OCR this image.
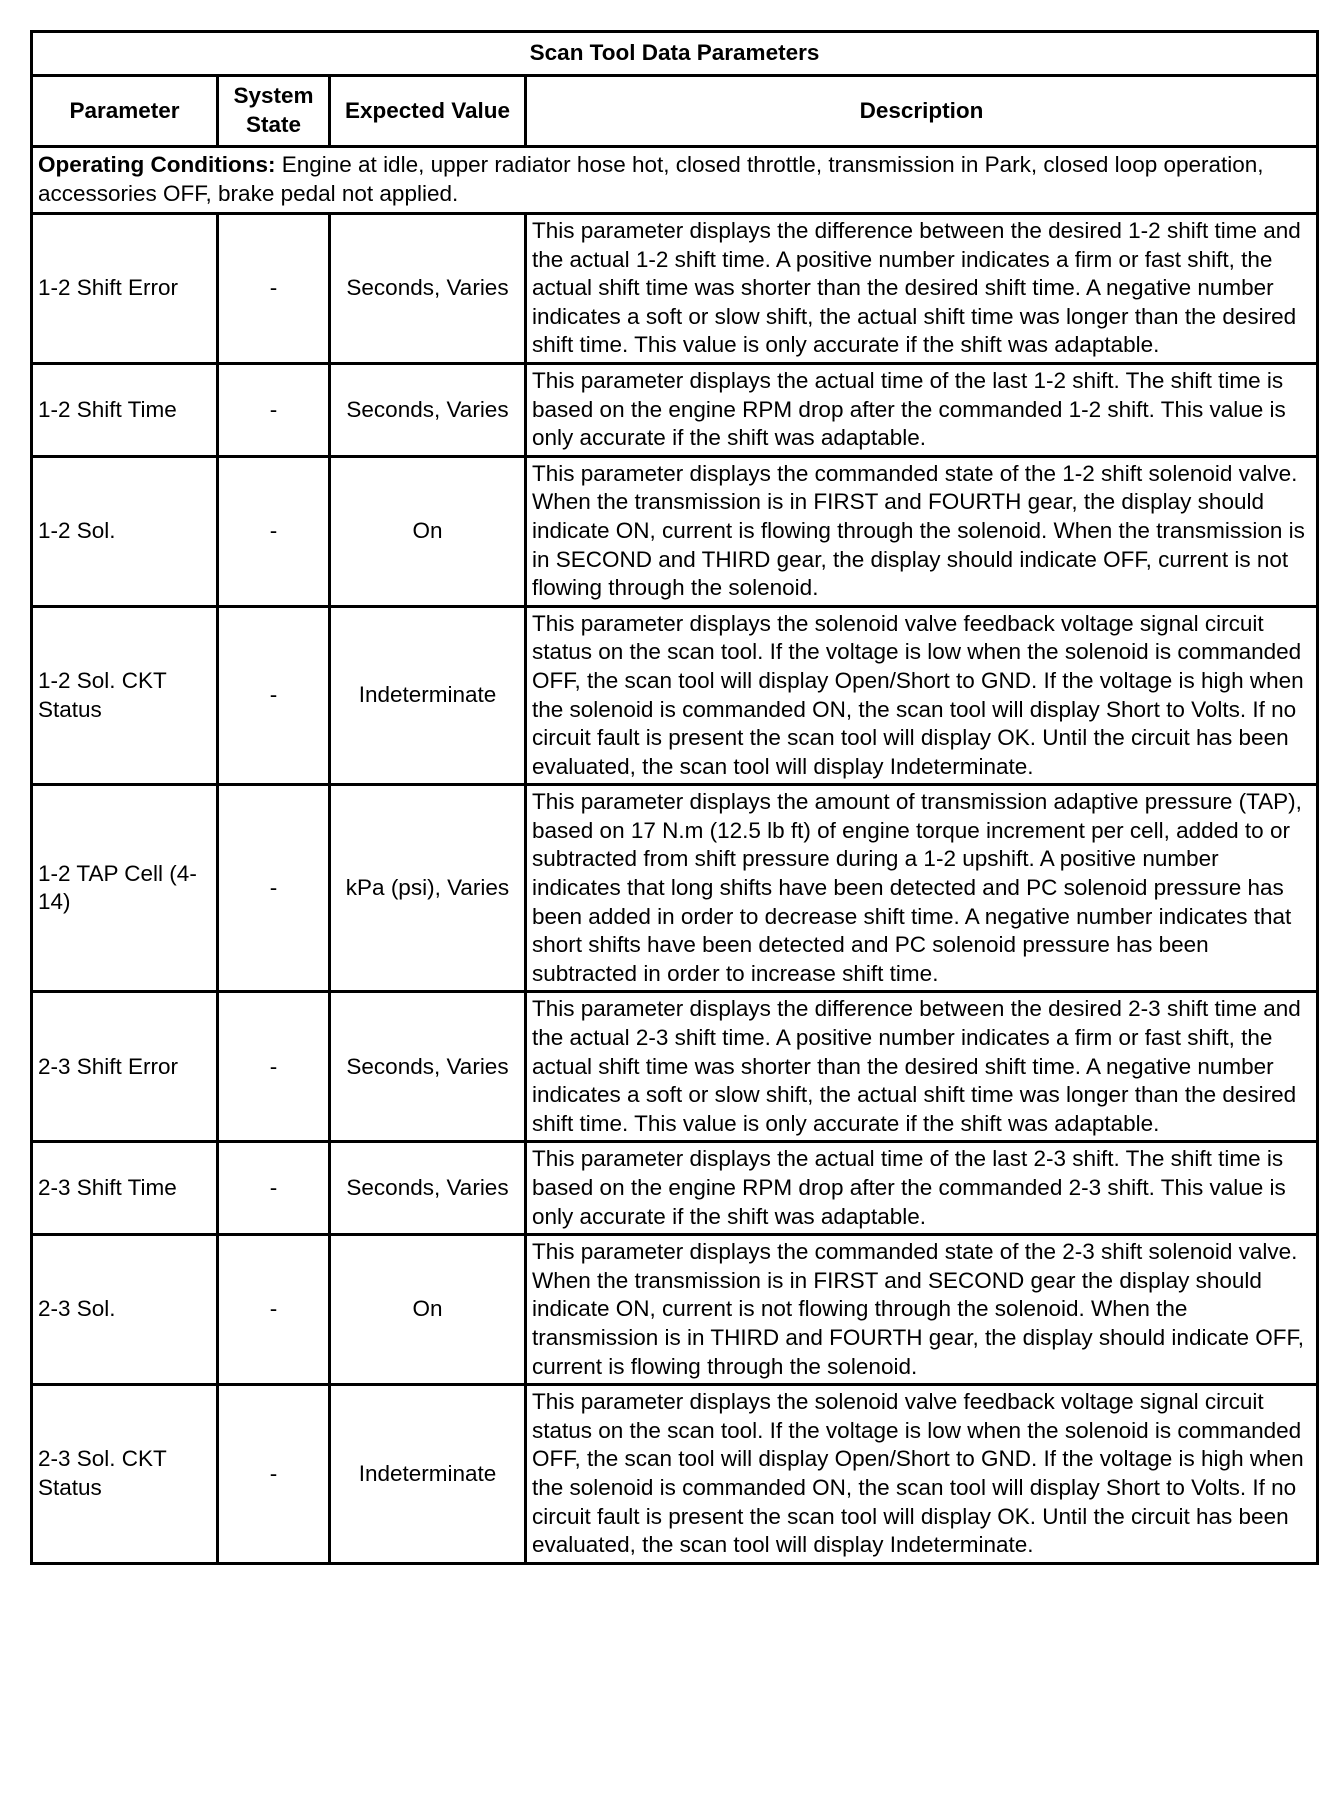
Scan Tool Data Parameters			
Parameter	System State	Expected Value	Description
Operating Conditions: Engine at idle, upper radiator hose hot, closed throttle, transmission in Park, closed loop operation, accessories OFF, brake pedal not applied.			
1-2 Shift Error	-	Seconds, Varies	This parameter displays the difference between the desired 1-2 shift time and the actual 1-2 shift time. A positive number indicates a firm or fast shift, the actual shift time was shorter than the desired shift time. A negative number indicates a soft or slow shift, the actual shift time was longer than the desired shift time. This value is only accurate if the shift was adaptable.
1-2 Shift Time	-	Seconds, Varies	This parameter displays the actual time of the last 1-2 shift. The shift time is based on the engine RPM drop after the commanded 1-2 shift. This value is only accurate if the shift was adaptable.
1-2 Sol.	-	On	This parameter displays the commanded state of the 1-2 shift solenoid valve. When the transmission is in FIRST and FOURTH gear, the display should indicate ON, current is flowing through the solenoid. When the transmission is in SECOND and THIRD gear, the display should indicate OFF, current is not flowing through the solenoid.
1-2 Sol. CKT Status	-	Indeterminate	This parameter displays the solenoid valve feedback voltage signal circuit status on the scan tool. If the voltage is low when the solenoid is commanded OFF, the scan tool will display Open/Short to GND. If the voltage is high when the solenoid is commanded ON, the scan tool will display Short to Volts. If no circuit fault is present the scan tool will display OK. Until the circuit has been evaluated, the scan tool will display Indeterminate.
1-2 TAP Cell (4-14)	-	kPa (psi), Varies	This parameter displays the amount of transmission adaptive pressure (TAP), based on 17 N.m (12.5 lb ft) of engine torque increment per cell, added to or subtracted from shift pressure during a 1-2 upshift. A positive number indicates that long shifts have been detected and PC solenoid pressure has been added in order to decrease shift time. A negative number indicates that short shifts have been detected and PC solenoid pressure has been subtracted in order to increase shift time.
2-3 Shift Error	-	Seconds, Varies	This parameter displays the difference between the desired 2-3 shift time and the actual 2-3 shift time. A positive number indicates a firm or fast shift, the actual shift time was shorter than the desired shift time. A negative number indicates a soft or slow shift, the actual shift time was longer than the desired shift time. This value is only accurate if the shift was adaptable.
2-3 Shift Time	-	Seconds, Varies	This parameter displays the actual time of the last 2-3 shift. The shift time is based on the engine RPM drop after the commanded 2-3 shift. This value is only accurate if the shift was adaptable.
2-3 Sol.	-	On	This parameter displays the commanded state of the 2-3 shift solenoid valve. When the transmission is in FIRST and SECOND gear the display should indicate ON, current is not flowing through the solenoid. When the transmission is in THIRD and FOURTH gear, the display should indicate OFF, current is flowing through the solenoid.
2-3 Sol. CKT Status	-	Indeterminate	This parameter displays the solenoid valve feedback voltage signal circuit status on the scan tool. If the voltage is low when the solenoid is commanded OFF, the scan tool will display Open/Short to GND. If the voltage is high when the solenoid is commanded ON, the scan tool will display Short to Volts. If no circuit fault is present the scan tool will display OK. Until the circuit has been evaluated, the scan tool will display Indeterminate.
